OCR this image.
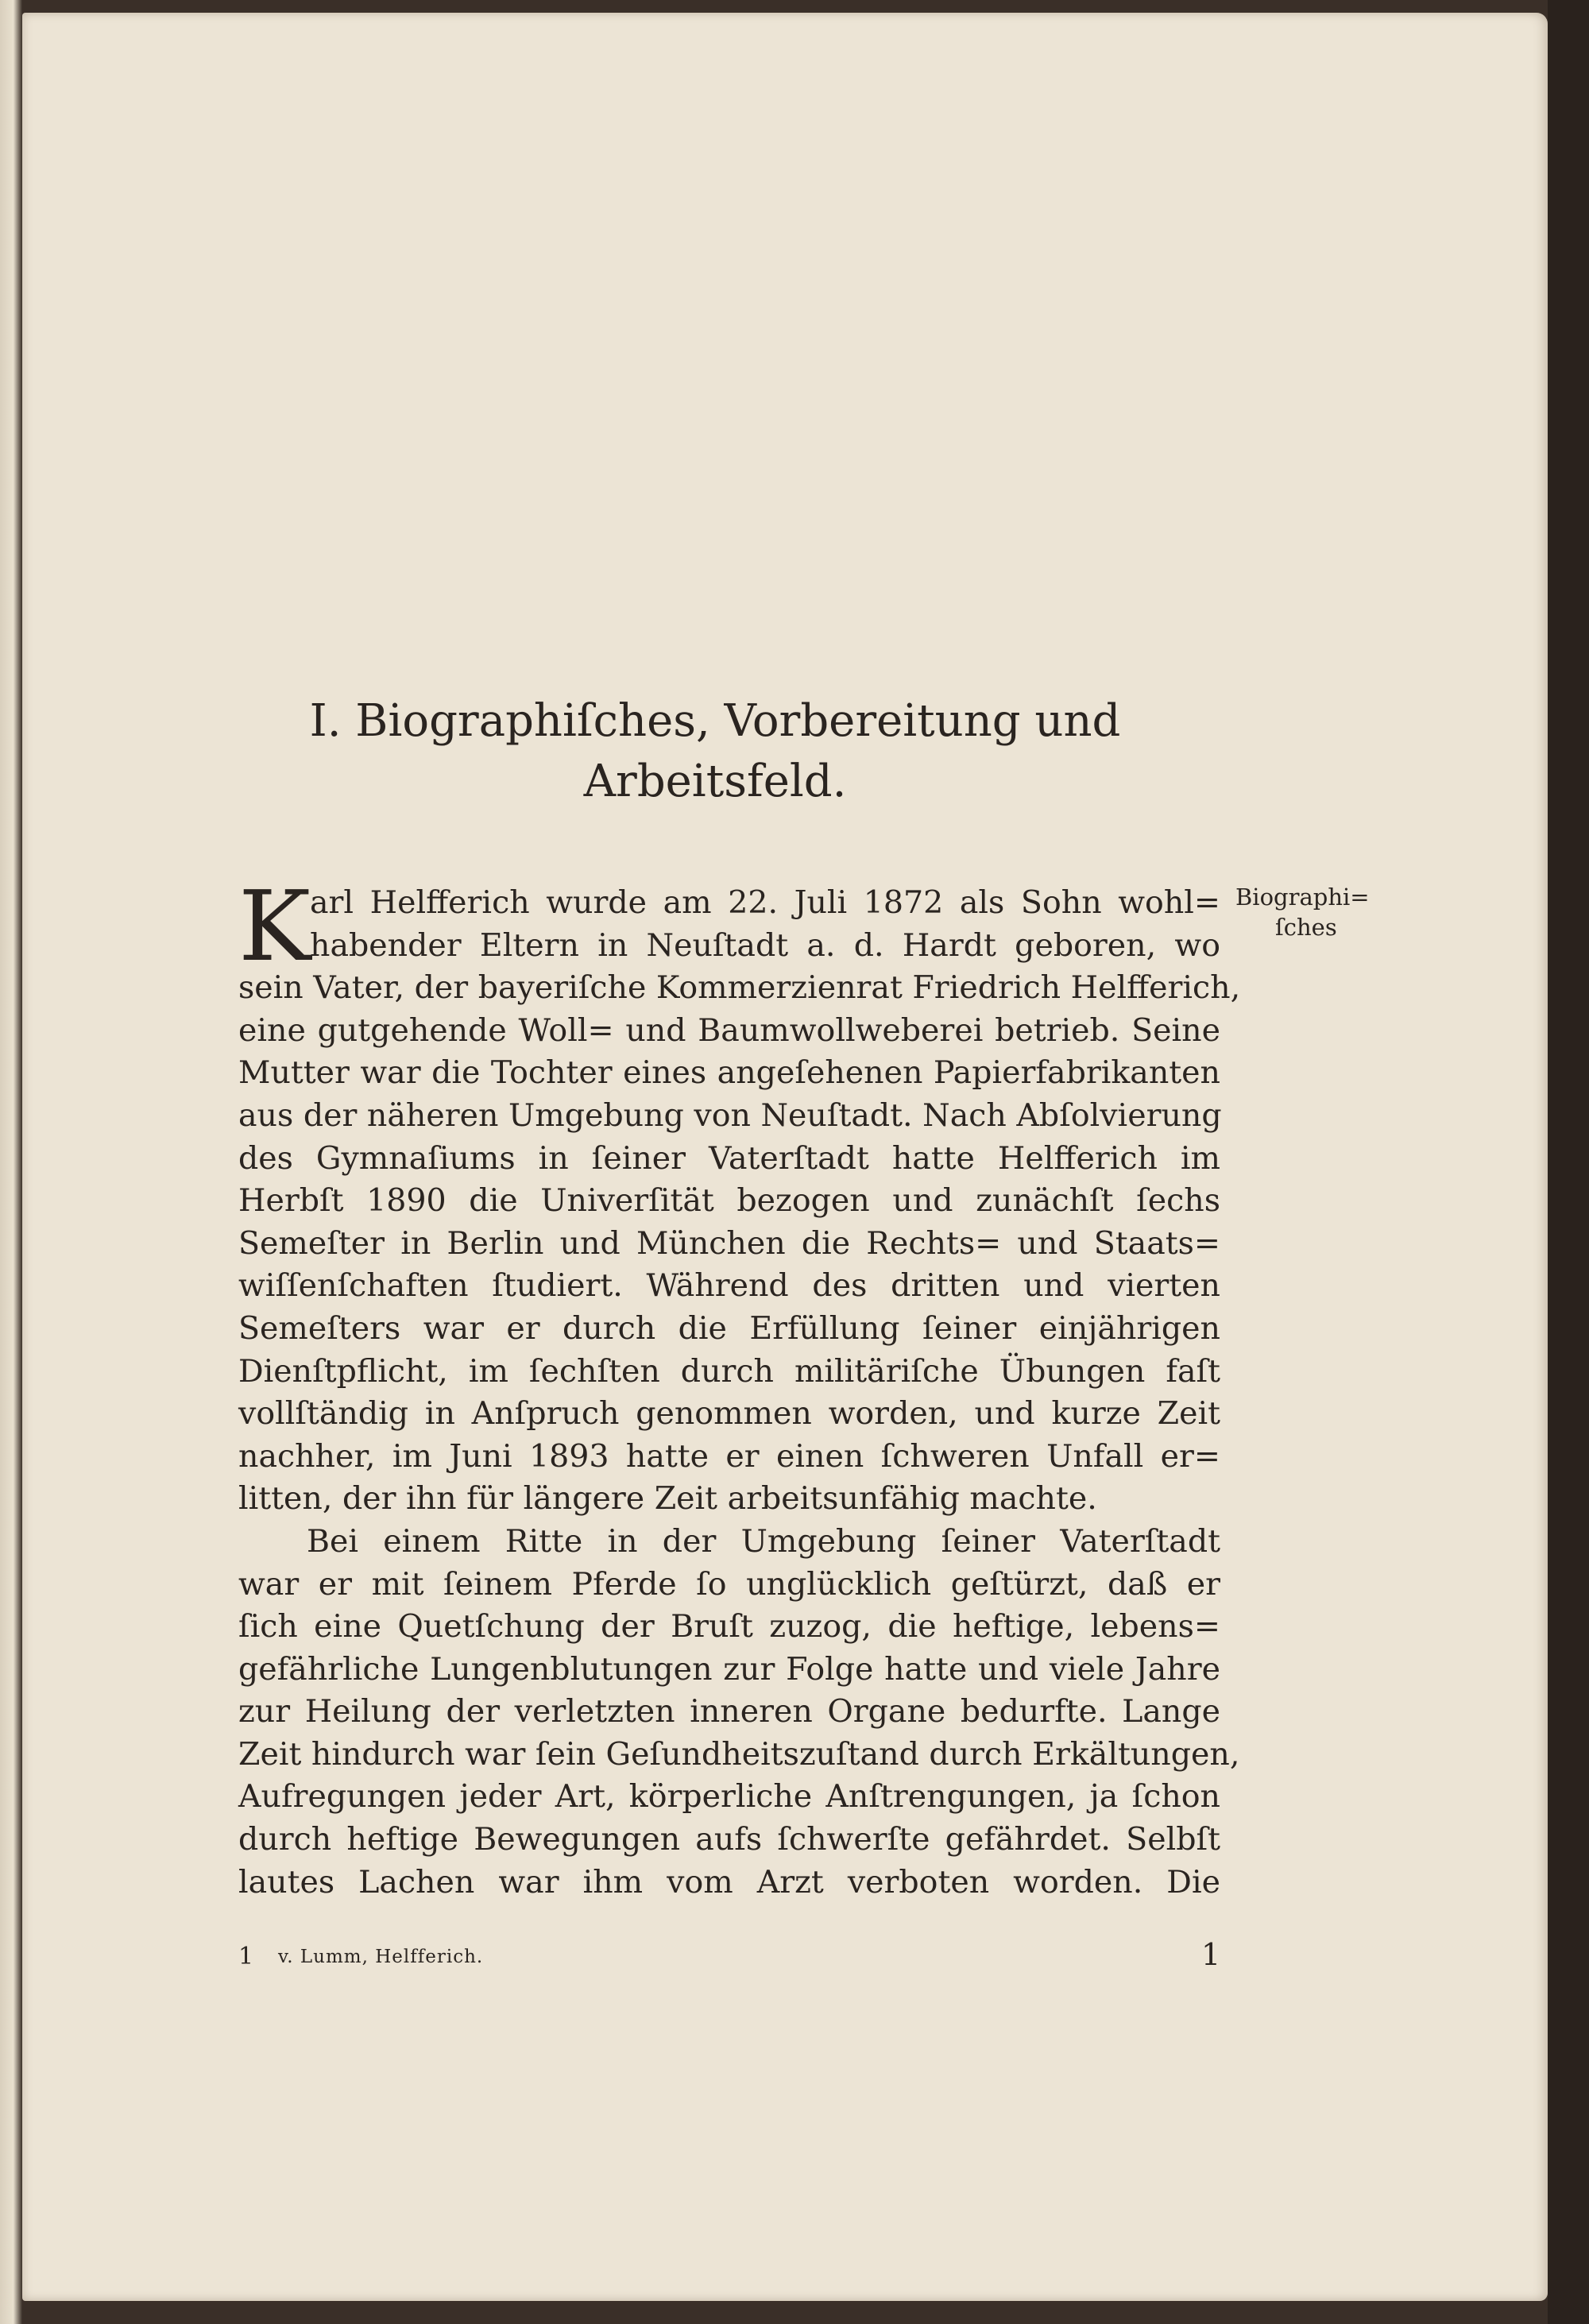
I. Biographiſches, Vorbereitung und
Arbeitsfeld.
Biographi=
ſches
K
arl Helfferich wurde am 22. Juli 1872 als Sohn wohl=
habender Eltern in Neuſtadt a. d. Hardt geboren, wo
sein Vater, der bayeriſche Kommerzienrat Friedrich Helfferich,
eine gutgehende Woll= und Baumwollweberei betrieb. Seine
Mutter war die Tochter eines angeſehenen Papierfabrikanten
aus der näheren Umgebung von Neuſtadt. Nach Abſolvierung
des Gymnaſiums in ſeiner Vaterſtadt hatte Helfferich im
Herbſt 1890 die Univerſität bezogen und zunächſt ſechs
Semeſter in Berlin und München die Rechts= und Staats=
wiſſenſchaften ſtudiert. Während des dritten und vierten
Semeſters war er durch die Erfüllung ſeiner einjährigen
Dienſtpflicht, im ſechſten durch militäriſche Übungen faſt
vollſtändig in Anſpruch genommen worden, und kurze Zeit
nachher, im Juni 1893 hatte er einen ſchweren Unfall er=
litten, der ihn für längere Zeit arbeitsunfähig machte.
Bei einem Ritte in der Umgebung ſeiner Vaterſtadt
war er mit ſeinem Pferde ſo unglücklich geſtürzt, daß er
ſich eine Quetſchung der Bruſt zuzog, die heftige, lebens=
gefährliche Lungenblutungen zur Folge hatte und viele Jahre
zur Heilung der verletzten inneren Organe bedurfte. Lange
Zeit hindurch war ſein Geſundheitszuſtand durch Erkältungen,
Aufregungen jeder Art, körperliche Anſtrengungen, ja ſchon
durch heftige Bewegungen aufs ſchwerſte gefährdet. Selbſt
lautes Lachen war ihm vom Arzt verboten worden. Die
1 v. Lumm, Helfferich.	1
